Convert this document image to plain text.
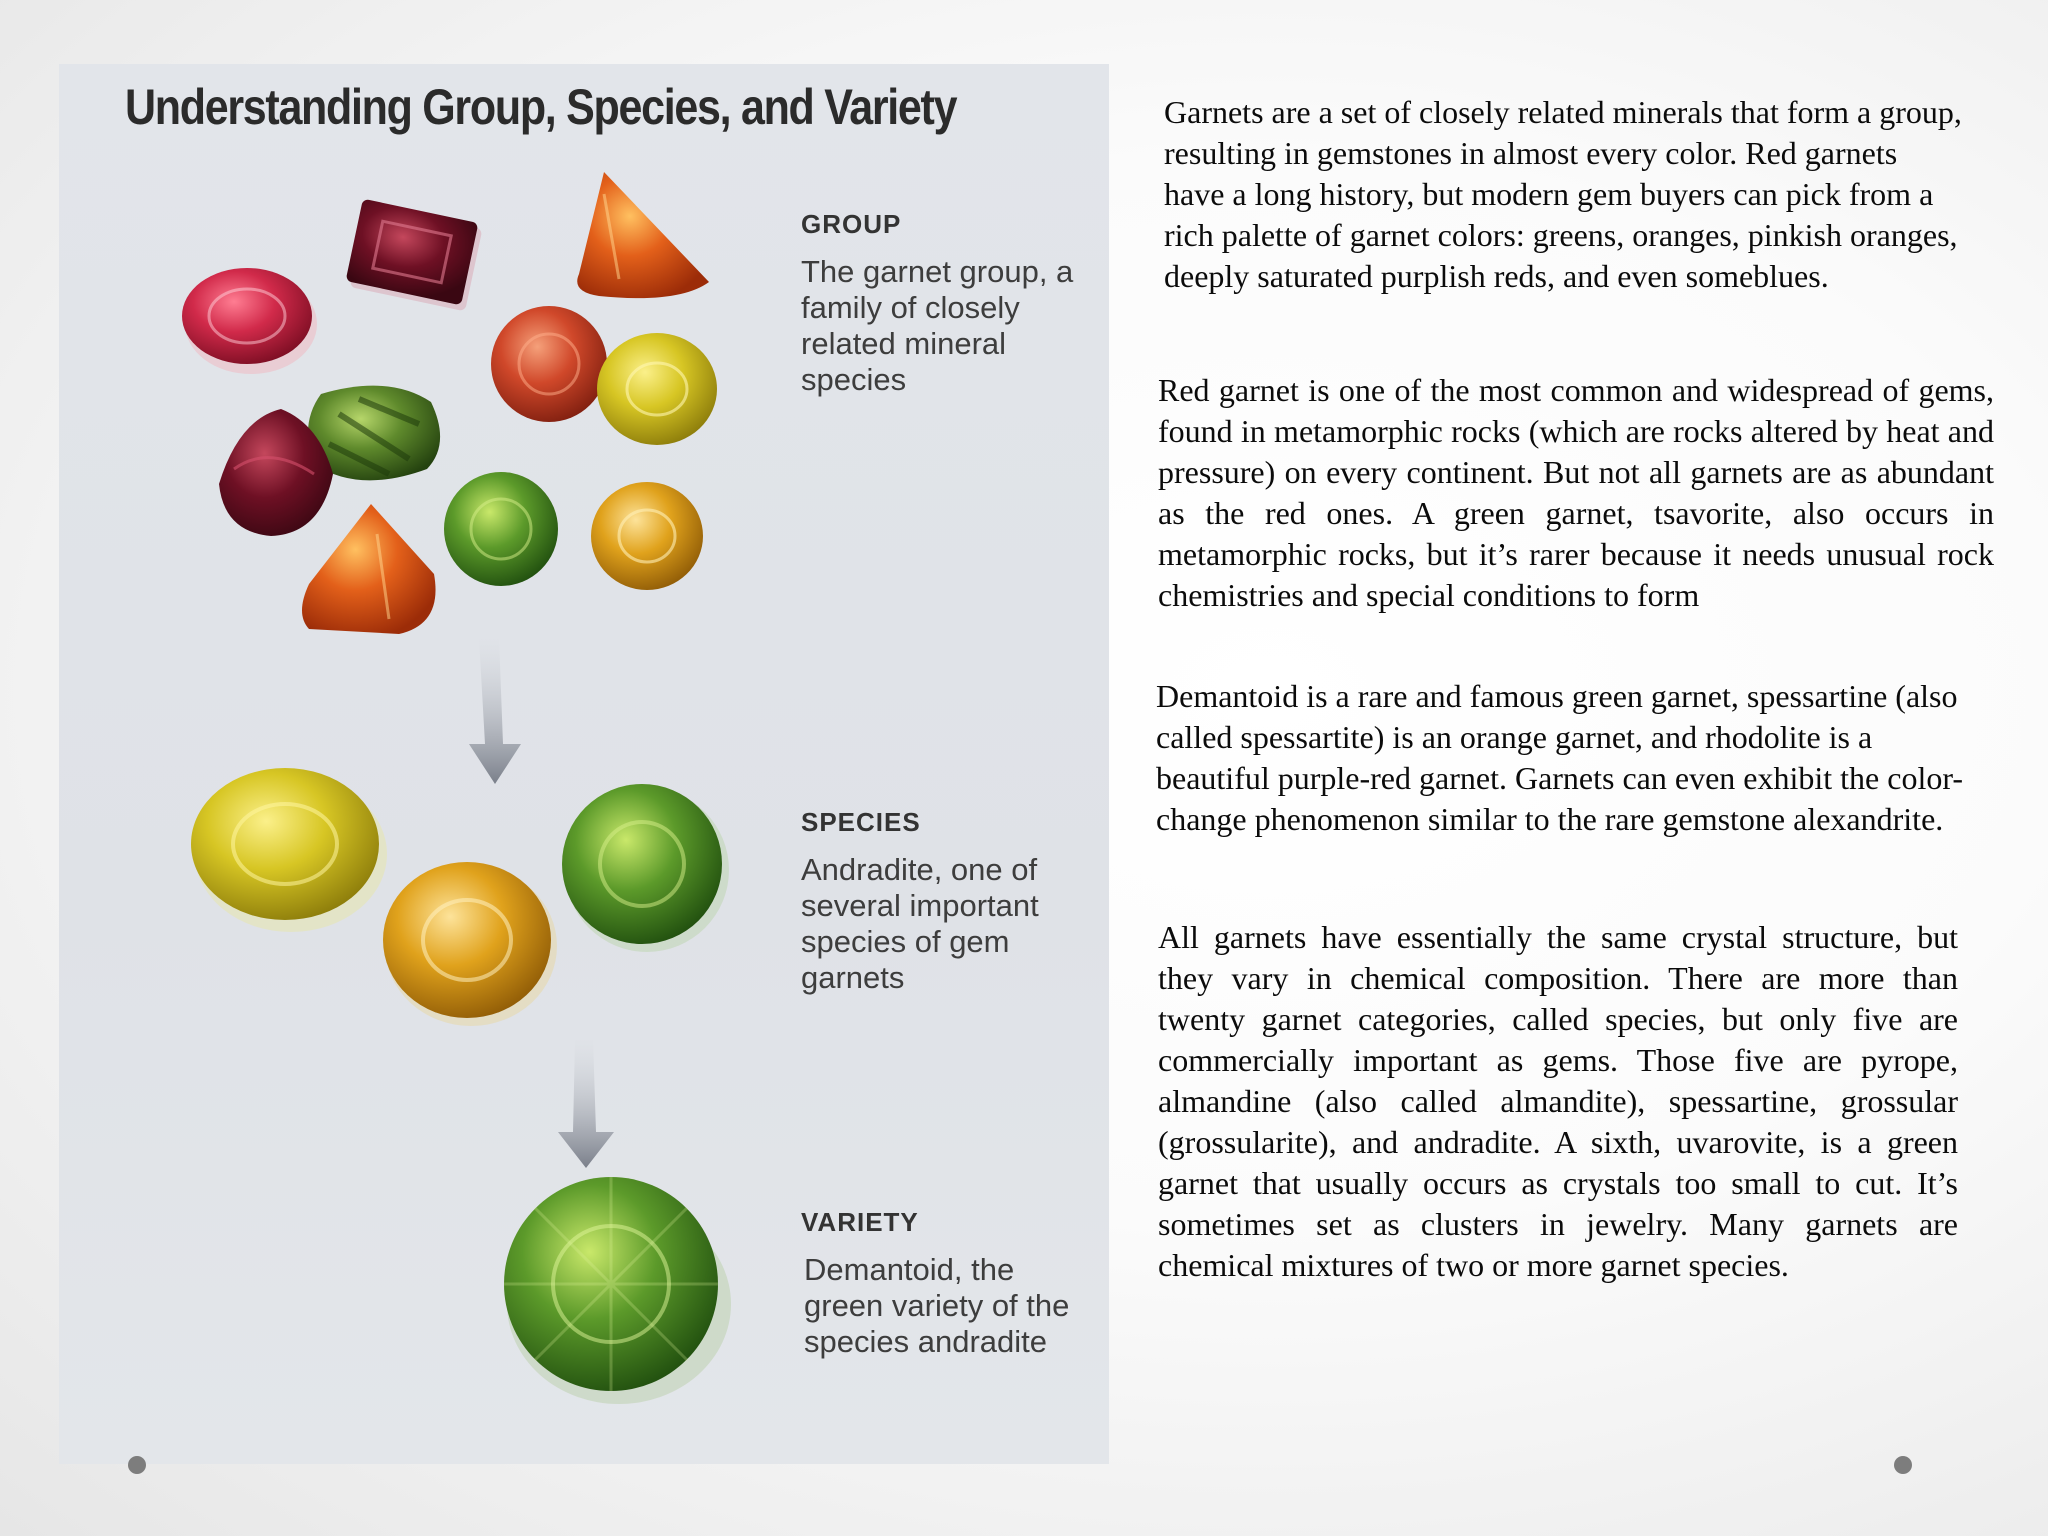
Understanding Group, Species, and Variety
GROUP
The garnet group, a family of closely related mineral species
SPECIES
Andradite, one of several important species of gem garnets
VARIETY
Demantoid, the green variety of the species andradite

Garnets are a set of closely related minerals that form a group, resulting in gemstones in almost every color. Red garnets have a long history, but modern gem buyers can pick from a rich palette of garnet colors: greens, oranges, pinkish oranges, deeply saturated purplish reds, and even someblues.

Red garnet is one of the most common and widespread of gems, found in metamorphic rocks (which are rocks altered by heat and pressure) on every continent. But not all garnets are as abundant as the red ones. A green garnet, tsavorite, also occurs in metamorphic rocks, but it’s rarer because it needs unusual rock chemistries and special conditions to form

Demantoid is a rare and famous green garnet, spessartine (also called spessartite) is an orange garnet, and rhodolite is a beautiful purple-red garnet. Garnets can even exhibit the color-change phenomenon similar to the rare gemstone alexandrite.

All garnets have essentially the same crystal structure, but they vary in chemical composition. There are more than twenty garnet categories, called species, but only five are commercially important as gems. Those five are pyrope, almandine (also called almandite), spessartine, grossular (grossularite), and andradite. A sixth, uvarovite, is a green garnet that usually occurs as crystals too small to cut. It’s sometimes set as clusters in jewelry. Many garnets are chemical mixtures of two or more garnet species.
